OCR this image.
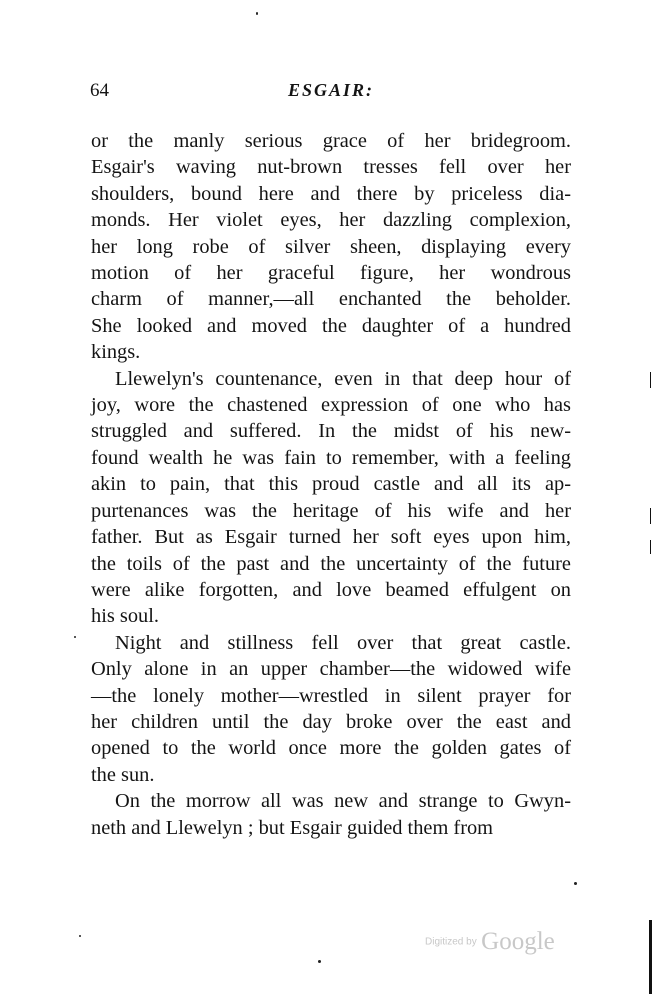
64	ESGAIR:

or the manly serious grace of her bridegroom.
Esgair's waving nut-brown tresses fell over her
shoulders, bound here and there by priceless dia-
monds. Her violet eyes, her dazzling complexion,
her long robe of silver sheen, displaying every
motion of her graceful figure, her wondrous
charm of manner,—all enchanted the beholder.
She looked and moved the daughter of a hundred
kings.

Llewelyn's countenance, even in that deep hour of
joy, wore the chastened expression of one who has
struggled and suffered. In the midst of his new-
found wealth he was fain to remember, with a feeling
akin to pain, that this proud castle and all its ap-
purtenances was the heritage of his wife and her
father. But as Esgair turned her soft eyes upon him,
the toils of the past and the uncertainty of the future
were alike forgotten, and love beamed effulgent on
his soul.

Night and stillness fell over that great castle.
Only alone in an upper chamber—the widowed wife
—the lonely mother—wrestled in silent prayer for
her children until the day broke over the east and
opened to the world once more the golden gates of
the sun.

On the morrow all was new and strange to Gwyn-
neth and Llewelyn ; but Esgair guided them from

Digitized by Google
